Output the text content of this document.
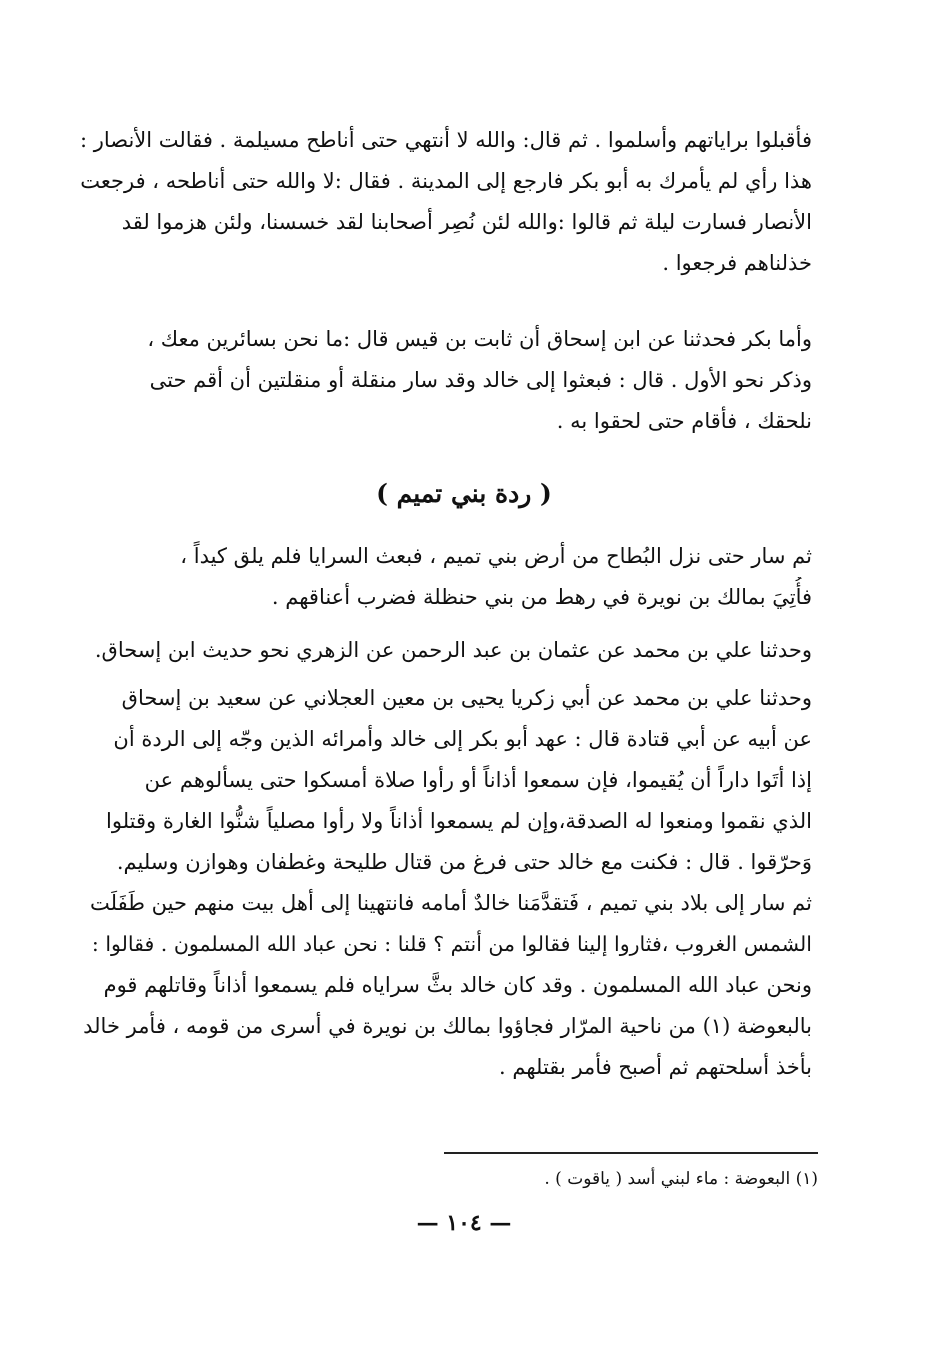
فأقبلوا براياتهم وأسلموا . ثم قال: والله لا أنتهي حتى أناطح مسيلمة . فقالت الأنصار :
هذا رأي لم يأمرك به أبو بكر فارجع إلى المدينة . فقال :لا والله حتى أناطحه ، فرجعت
الأنصار فسارت ليلة ثم قالوا :والله لئن نُصِر أصحابنا لقد خسسنا، ولئن هزموا لقد
خذلناهم فرجعوا .
وأما بكر فحدثنا عن ابن إسحاق أن ثابت بن قيس قال :ما نحن بسائرين معك ،
وذكر نحو الأول . قال : فبعثوا إلى خالد وقد سار منقلة أو منقلتين أن أقم حتى
نلحقك ، فأقام حتى لحقوا به .
( ردة بني تميم )
ثم سار حتى نزل البُطاح من أرض بني تميم ، فبعث السرايا فلم يلق كيداً ،
فأُتِيَ بمالك بن نويرة في رهط من بني حنظلة فضرب أعناقهم .
وحدثنا علي بن محمد عن عثمان بن عبد الرحمن عن الزهري نحو حديث ابن إسحاق.
وحدثنا علي بن محمد عن أبي زكريا يحيى بن معين العجلاني عن سعيد بن إسحاق
عن أبيه عن أبي قتادة قال : عهد أبو بكر إلى خالد وأمرائه الذين وجّه إلى الردة أن
إذا أتَوا داراً أن يُقيموا، فإن سمعوا أذاناً أو رأوا صلاة أمسكوا حتى يسألوهم عن
الذي نقموا ومنعوا له الصدقة،وإن لم يسمعوا أذاناً ولا رأوا مصلياً شنُّوا الغارة وقتلوا
وَحرّقوا . قال : فكنت مع خالد حتى فرغ من قتال طليحة وغطفان وهوازن وسليم.
ثم سار إلى بلاد بني تميم ، فَتقدَّمَنا خالدٌ أمامه فانتهينا إلى أهل بيت منهم حين طَفَلَت
الشمس الغروب ،فثاروا إلينا فقالوا من أنتم ؟ قلنا : نحن عباد الله المسلمون . فقالوا :
ونحن عباد الله المسلمون . وقد كان خالد بثَّ سراياه فلم يسمعوا أذاناً وقاتلهم قوم
بالبعوضة (١) من ناحية المرّار فجاؤوا بمالك بن نويرة في أسرى من قومه ، فأمر خالد
بأخذ أسلحتهم ثم أصبح فأمر بقتلهم .
(١) البعوضة : ماء لبني أسد ( ياقوت ) .
— ١٠٤ —
